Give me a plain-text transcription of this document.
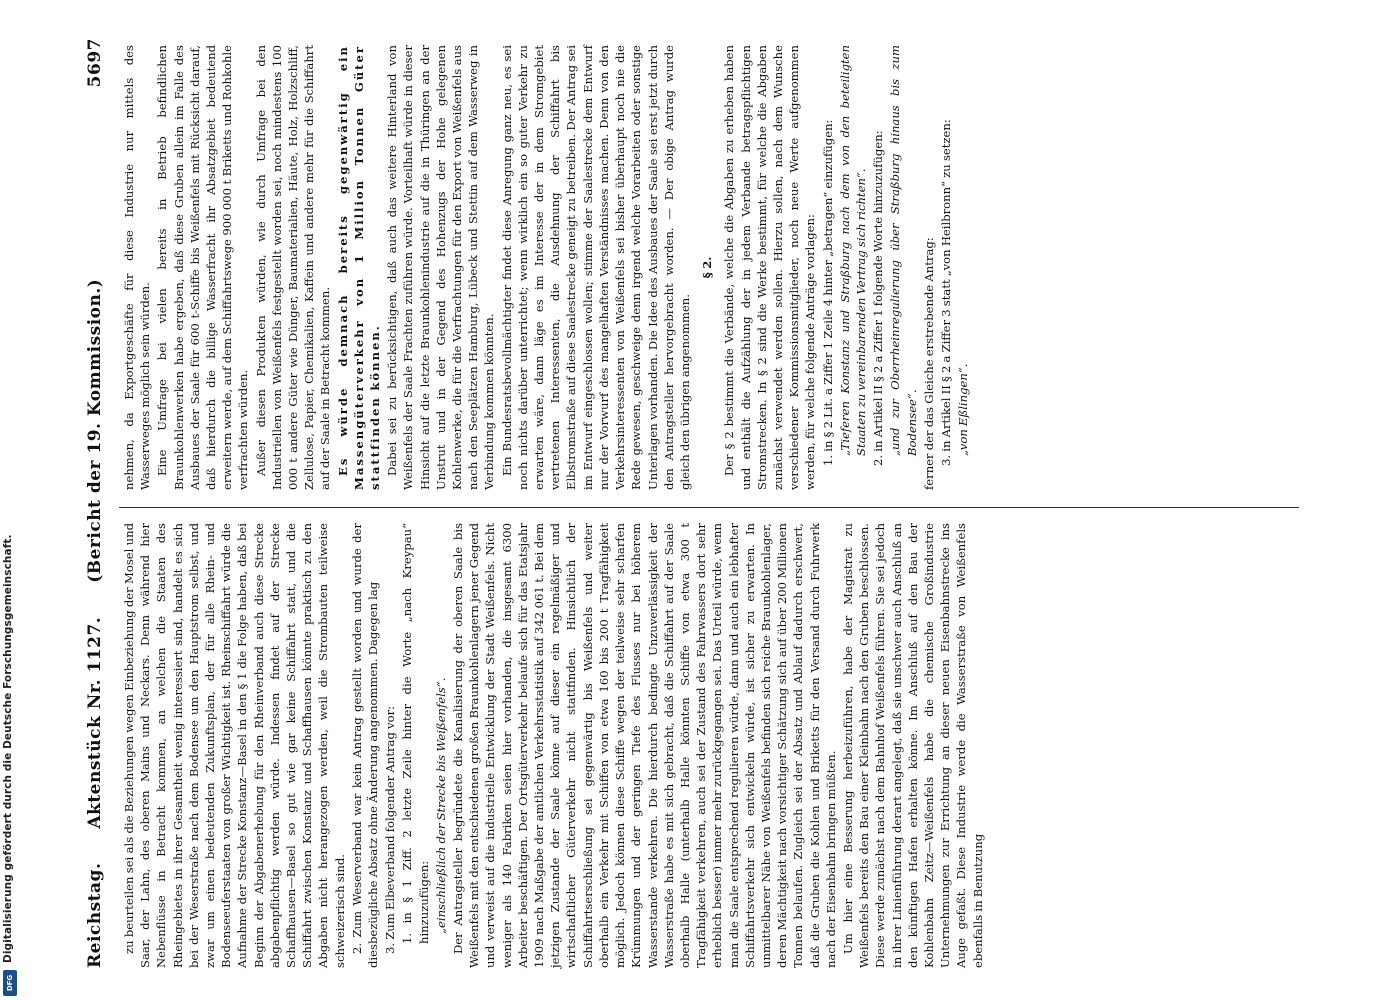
Digitalisierung gefördert durch die Deutsche Forschungsgemeinschaft.
DFG
Reichstag.
Aktenstück Nr. 1127.
(Bericht der 19. Kommission.)
5697

zu beurteilen sei als die Beziehungen wegen Einbeziehung der Mosel und Saar, der Lahn, des oberen Mains und Neckars. Denn während hier Nebenflüsse in Betracht kommen, an welchen die Staaten des Rheingebietes in ihrer Gesamtheit wenig interessiert sind, handelt es sich bei der Weserstraße nach dem Bodensee um den Hauptstrom selbst, und zwar um einen bedeutenden Zukunftsplan, der für alle Rhein- und Bodenseeuferstaaten von großer Wichtigkeit ist. Rheinschiffahrt würde die Aufnahme der Strecke Konstanz—Basel in den § 1 die Folge haben, daß bei Beginn der Abgabenerhebung für den Rheinverband auch diese Strecke abgabenpflichtig werden würde. Indessen findet auf der Strecke Schaffhausen—Basel so gut wie gar keine Schiffahrt statt, und die Schiffahrt zwischen Konstanz und Schaffhausen könnte praktisch zu den Abgaben nicht herangezogen werden, weil die Strombauten teilweise schweizerisch sind. 2. Zum Weserverband war kein Antrag gestellt worden und wurde der diesbezügliche Absatz ohne Änderung angenommen. Dagegen lag 3. Zum Elbeverband folgender Antrag vor: 1. in § 1 Ziff. 2 letzte Zeile hinter die Worte „nach Kreypau“ hinzuzufügen: „einschließlich der Strecke bis Weißenfels“. Der Antragsteller begründete die Kanalisierung der oberen Saale bis Weißenfels mit den entschiedenen großen Braunkohlenlagern jener Gegend und verweist auf die industrielle Entwicklung der Stadt Weißenfels. Nicht weniger als 140 Fabriken seien hier vorhanden, die insgesamt 6300 Arbeiter beschäftigen. Der Ortsgüterverkehr belaufe sich für das Etatsjahr 1909 nach Maßgabe der amtlichen Verkehrsstatistik auf 342 061 t. Bei dem jetzigen Zustande der Saale könne auf dieser ein regelmäßiger und wirtschaftlicher Güterverkehr nicht stattfinden. Hinsichtlich der Schiffahrtserschließung sei gegenwärtig bis Weißenfels und weiter oberhalb ein Verkehr mit Schiffen von etwa 160 bis 200 t Tragfähigkeit möglich. Jedoch können diese Schiffe wegen der teilweise sehr scharfen Krümmungen und der geringen Tiefe des Flusses nur bei höherem Wasserstande verkehren. Die hierdurch bedingte Unzuverlässigkeit der Wasserstraße habe es mit sich gebracht, daß die Schiffahrt auf der Saale oberhalb Halle (unterhalb Halle könnten Schiffe von etwa 300 t Tragfähigkeit verkehren, auch sei der Zustand des Fahrwassers dort sehr erheblich besser) immer mehr zurückgegangen sei. Das Urteil würde, wenn man die Saale entsprechend regulieren würde, dann und auch ein lebhafter Schiffahrtsverkehr sich entwickeln würde, ist sicher zu erwarten. In unmittelbarer Nähe von Weißenfels befinden sich reiche Braunkohlenlager, deren Mächtigkeit nach vorsichtiger Schätzung sich auf über 200 Millionen Tonnen belaufen. Zugleich sei der Absatz und Ablauf dadurch erschwert, daß die Gruben die Kohlen und Briketts für den Versand durch Fuhrwerk nach der Eisenbahn bringen müßten. Um hier eine Besserung herbeizuführen, habe der Magistrat zu Weißenfels bereits den Bau einer Kleinbahn nach den Gruben beschlossen. Diese werde zunächst nach dem Bahnhof Weißenfels führen. Sie sei jedoch in ihrer Linienführung derart angelegt, daß sie unschwer auch Anschluß an den künftigen Hafen erhalten könne. Im Anschluß auf den Bau der Kohlenbahn Zeitz—Weißenfels habe die chemische Großindustrie Unternehmungen zur Errichtung an dieser neuen Eisenbahnstrecke ins Auge gefaßt. Diese Industrie werde die Wasserstraße von Weißenfels ebenfalls in Benutzung

nehmen, da Exportgeschäfte für diese Industrie nur mittels des Wasserweges möglich sein würden. Eine Umfrage bei vielen bereits in Betrieb befindlichen Braunkohlenwerken habe ergeben, daß diese Gruben allein im Falle des Ausbaues der Saale für 600 t-Schiffe bis Weißenfels mit Rücksicht darauf, daß hierdurch die billige Wasserfracht ihr Absatzgebiet bedeutend erweitern werde, auf dem Schiffahrtswege 900 000 t Briketts und Rohkohle verfrachten würden. Außer diesen Produkten würden, wie durch Umfrage bei den Industriellen von Weißenfels festgestellt worden sei, noch mindestens 100 000 t andere Güter wie Dünger, Baumaterialien, Häute, Holz, Holzschliff, Zellulose, Papier, Chemikalien, Kaffein und andere mehr für die Schiffahrt auf der Saale in Betracht kommen. Es würde demnach bereits gegenwärtig ein Massengüterverkehr von 1 Million Tonnen Güter stattfinden können. Dabei sei zu berücksichtigen, daß auch das weitere Hinterland von Weißenfels der Saale Frachten zuführen würde. Vorteilhaft würde in dieser Hinsicht auf die letzte Braunkohlenindustrie auf die in Thüringen an der Unstrut und in der Gegend des Hohenzugs der Hohe gelegenen Kohlenwerke, die für die Verfrachtungen für den Export von Weißenfels aus nach den Seeplätzen Hamburg, Lübeck und Stettin auf dem Wasserweg in Verbindung kommen könnten. Ein Bundesratsbevollmächtigter findet diese Anregung ganz neu, es sei noch nichts darüber unterrichtet; wenn wirklich ein so guter Verkehr zu erwarten wäre, dann läge es im Interesse der in dem Stromgebiet vertretenen Interessenten, die Ausdehnung der Schiffahrt bis Elbstromstraße auf diese Saalestrecke geneigt zu betreiben. Der Antrag sei im Entwurf eingeschlossen wollen; stimme der Saalestrecke dem Entwurf nur der Vorwurf des mangelhaften Verständnisses machen. Denn von den Verkehrsinteressenten von Weißenfels sei bisher überhaupt noch nie die Rede gewesen, geschweige denn irgend welche Vorarbeiten oder sonstige Unterlagen vorhanden. Die Idee des Ausbaues der Saale sei erst jetzt durch den Antragsteller hervorgebracht worden. — Der obige Antrag wurde gleich den übrigen angenommen.

§ 2. Der § 2 bestimmt die Verbände, welche die Abgaben zu erheben haben und enthält die Aufzählung der in jedem Verbande betragspflichtigen Stromstrecken. In § 2 sind die Werke bestimmt, für welche die Abgaben zunächst verwendet werden sollen. Hierzu sollen, nach dem Wunsche verschiedener Kommissionsmitglieder, noch neue Werte aufgenommen werden, für welche folgende Anträge vorlagen: 1. in § 2 Lit. a Ziffer 1 Zeile 4 hinter „betragen“ einzufügen: „Tieferen Konstanz und Straßburg nach dem von den beteiligten Staaten zu vereinbarenden Vertrag sich richten“. 2. in Artikel II § 2 a Ziffer 1 folgende Worte hinzuzufügen: „und zur Oberrheinregulierung über Straßburg hinaus bis zum Bodensee“. ferner der das Gleiche erstrebende Antrag: 3. in Artikel II § 2 a Ziffer 3 statt „von Heilbronn“ zu setzen: „von Eßlingen“.
